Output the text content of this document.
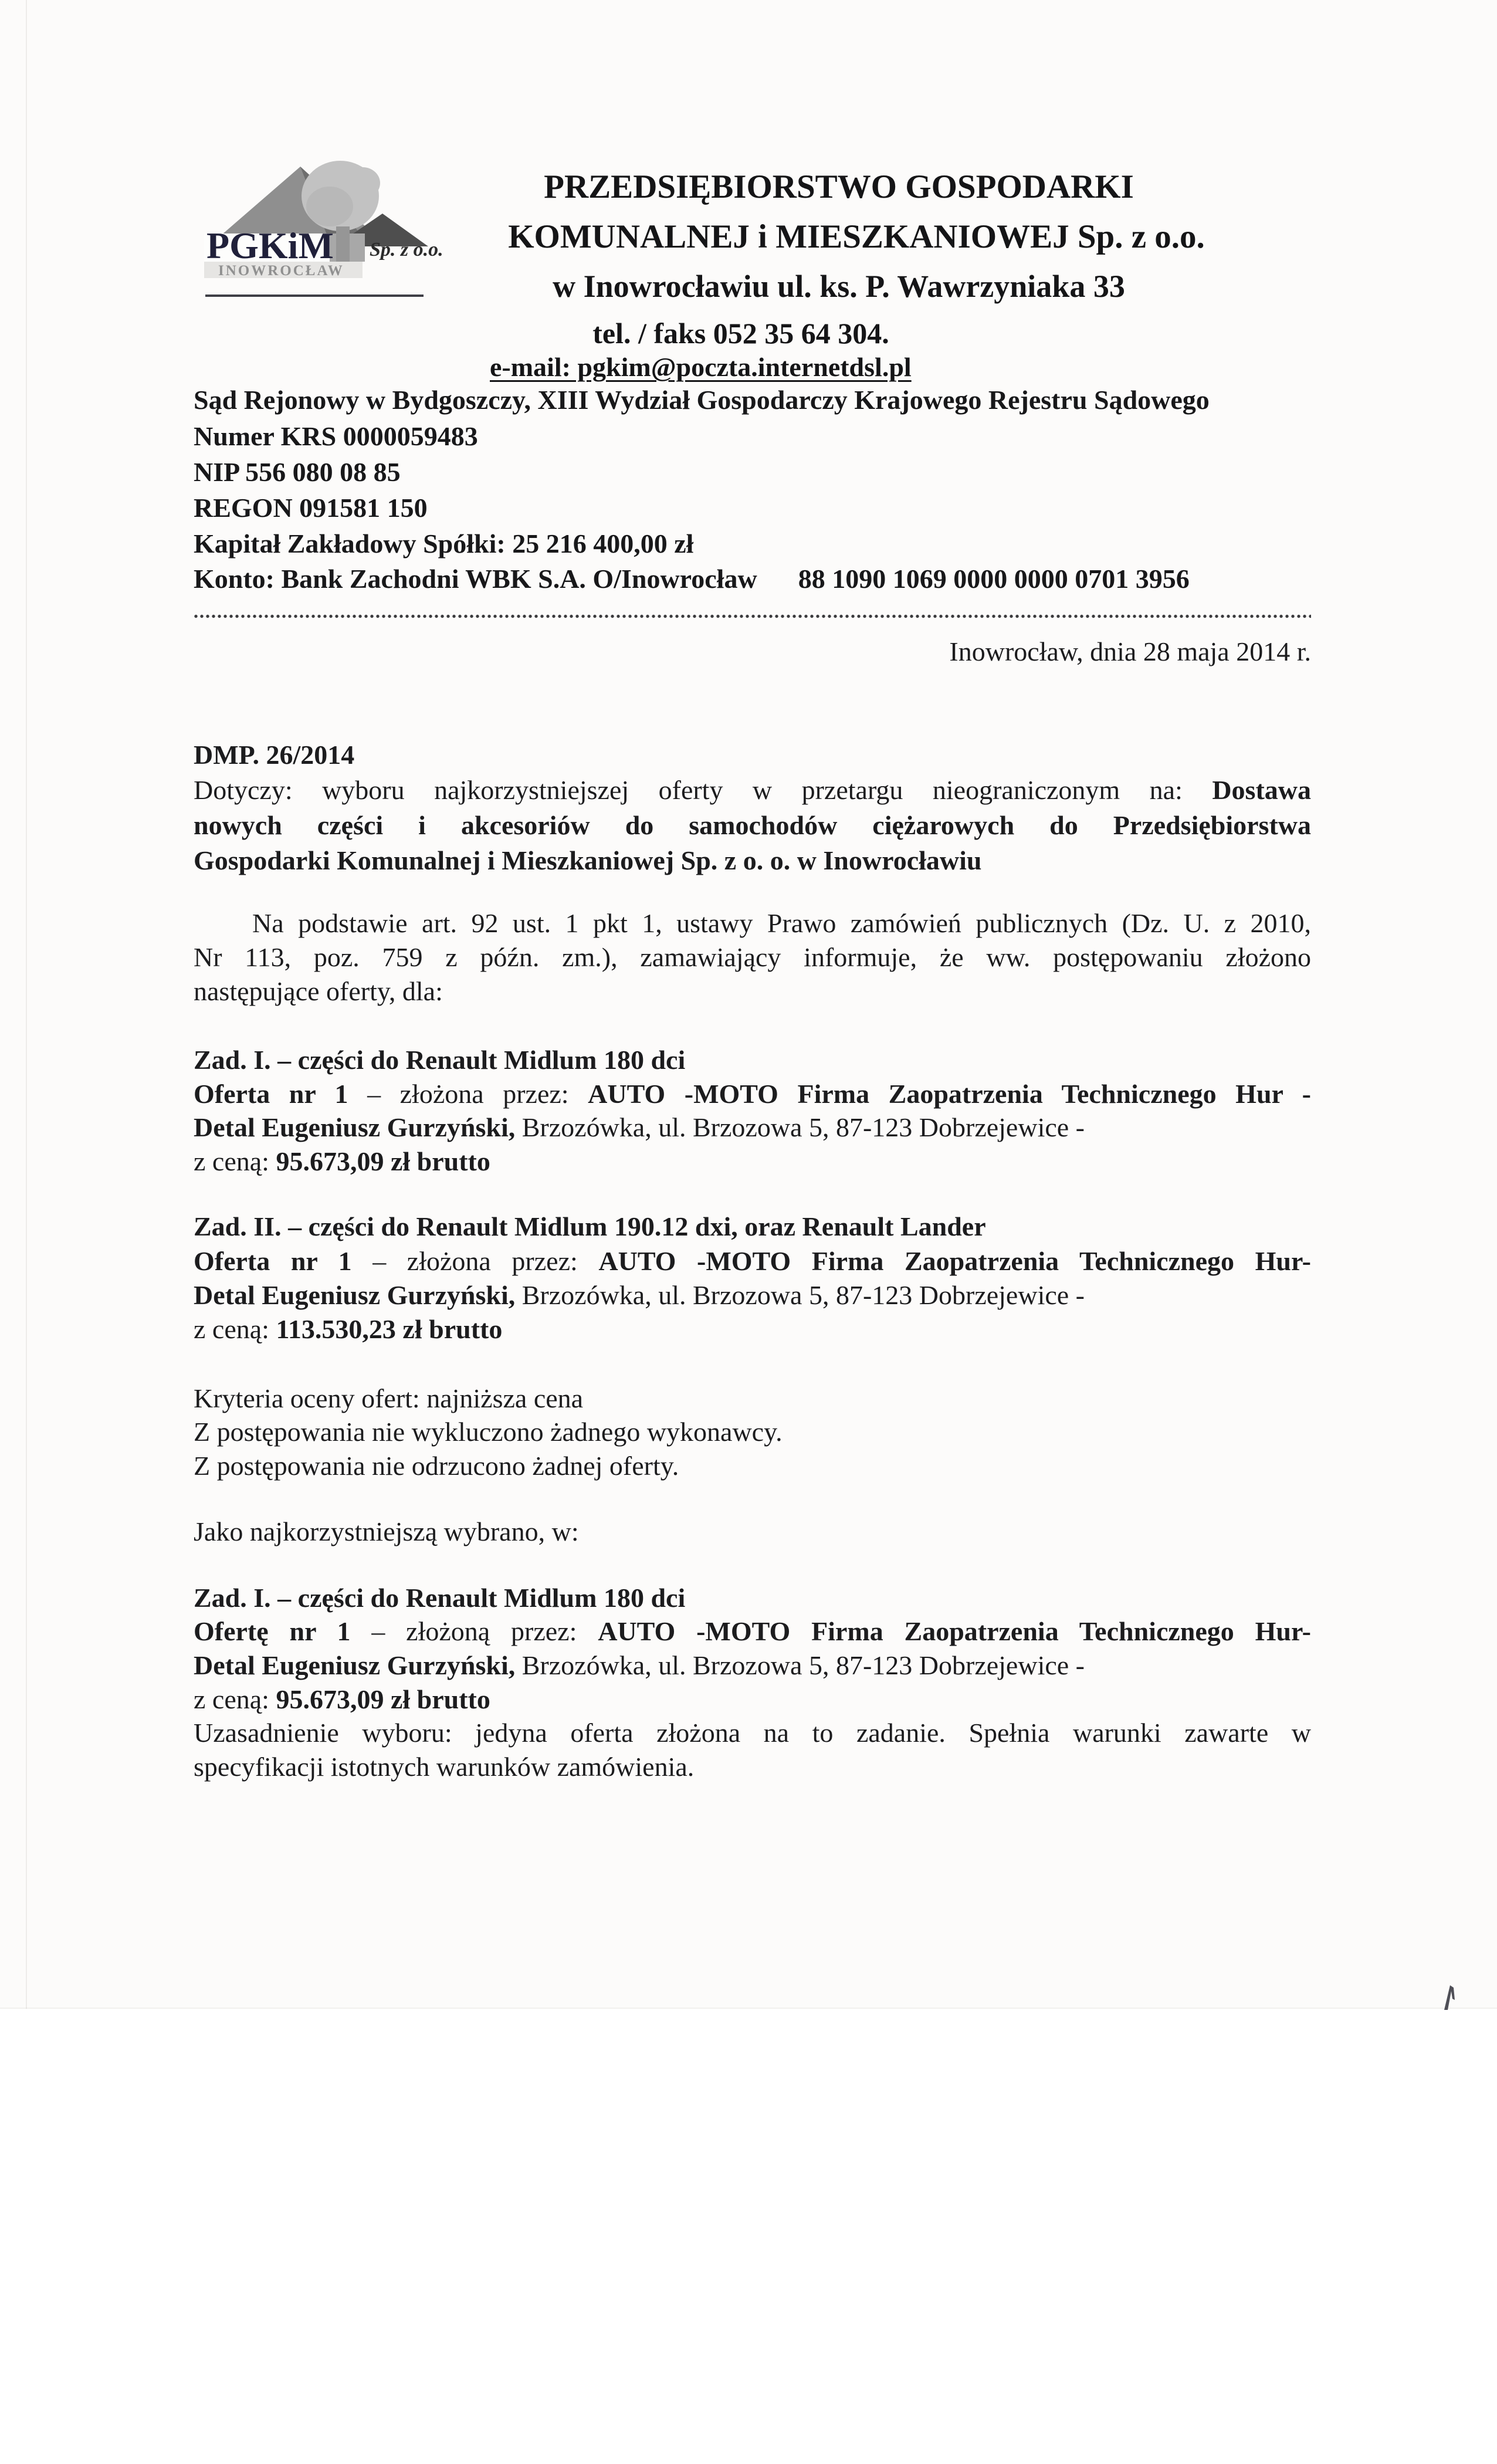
PGKiM
INOWROCŁAW
Sp. z o.o.
PRZEDSIĘBIORSTWO GOSPODARKI
KOMUNALNEJ i MIESZKANIOWEJ Sp. z o.o.
w Inowrocławiu ul. ks. P. Wawrzyniaka 33
tel. / faks 052 35 64 304.
e-mail: pgkim@poczta.internetdsl.pl
Sąd Rejonowy w Bydgoszczy, XIII Wydział Gospodarczy Krajowego Rejestru Sądowego
Numer KRS 0000059483
NIP 556 080 08 85
REGON 091581 150
Kapitał Zakładowy Spółki: 25 216 400,00 zł
Konto: Bank Zachodni WBK S.A. O/Inowrocław 88 1090 1069 0000 0000 0701 3956
Inowrocław, dnia 28 maja 2014 r.
DMP. 26/2014
Dotyczy: wyboru najkorzystniejszej oferty w przetargu nieograniczonym na: Dostawa
nowych części i akcesoriów do samochodów ciężarowych do Przedsiębiorstwa
Gospodarki Komunalnej i Mieszkaniowej Sp. z o. o. w Inowrocławiu
Na podstawie art. 92 ust. 1 pkt 1, ustawy Prawo zamówień publicznych (Dz. U. z 2010,
Nr 113, poz. 759 z późn. zm.), zamawiający informuje, że ww. postępowaniu złożono
następujące oferty, dla:
Zad. I. – części do Renault Midlum 180 dci
Oferta nr 1 – złożona przez: AUTO -MOTO Firma Zaopatrzenia Technicznego Hur -
Detal Eugeniusz Gurzyński, Brzozówka, ul. Brzozowa 5, 87-123 Dobrzejewice -
z ceną: 95.673,09 zł brutto
Zad. II. – części do Renault Midlum 190.12 dxi, oraz Renault Lander
Oferta nr 1 – złożona przez: AUTO -MOTO Firma Zaopatrzenia Technicznego Hur-
Detal Eugeniusz Gurzyński, Brzozówka, ul. Brzozowa 5, 87-123 Dobrzejewice -
z ceną: 113.530,23 zł brutto
Kryteria oceny ofert: najniższa cena
Z postępowania nie wykluczono żadnego wykonawcy.
Z postępowania nie odrzucono żadnej oferty.
Jako najkorzystniejszą wybrano, w:
Zad. I. – części do Renault Midlum 180 dci
Ofertę nr 1 – złożoną przez: AUTO -MOTO Firma Zaopatrzenia Technicznego Hur-
Detal Eugeniusz Gurzyński, Brzozówka, ul. Brzozowa 5, 87-123 Dobrzejewice -
z ceną: 95.673,09 zł brutto
Uzasadnienie wyboru: jedyna oferta złożona na to zadanie. Spełnia warunki zawarte w
specyfikacji istotnych warunków zamówienia.
